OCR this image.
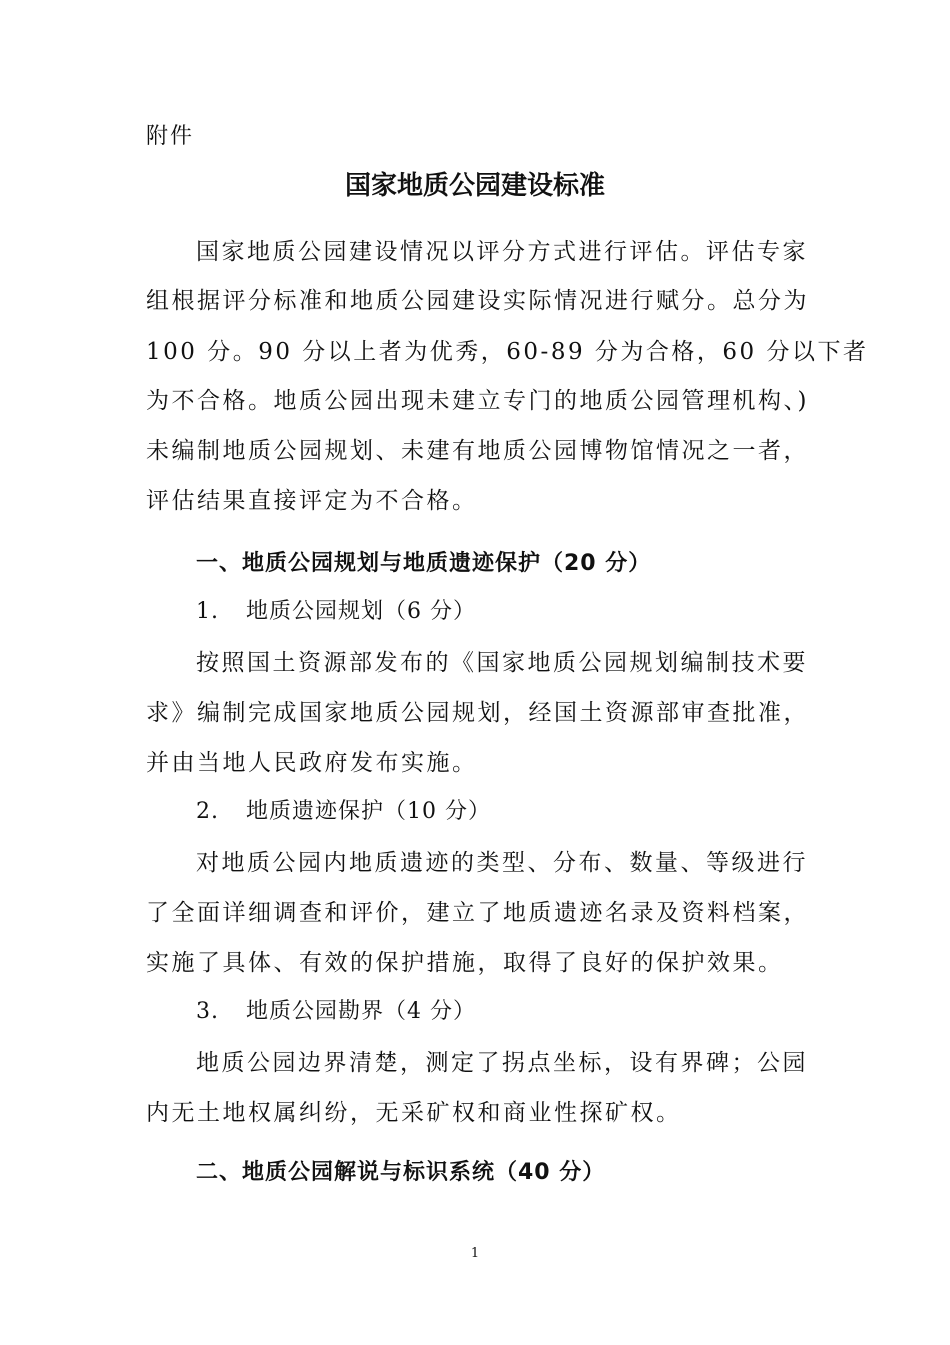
附件
国家地质公园建设标准
国家地质公园建设情况以评分方式进行评估。评估专家
组根据评分标准和地质公园建设实际情况进行赋分。总分为
100 分。90 分以上者为优秀，60-89 分为合格，60 分以下者
为不合格。地质公园出现未建立专门的地质公园管理机构、)
未编制地质公园规划、未建有地质公园博物馆情况之一者，
评估结果直接评定为不合格。
一、地质公园规划与地质遗迹保护（20 分）
1. 地质公园规划（6 分）
按照国土资源部发布的《国家地质公园规划编制技术要
求》编制完成国家地质公园规划，经国土资源部审查批准，
并由当地人民政府发布实施。
2. 地质遗迹保护（10 分）
对地质公园内地质遗迹的类型、分布、数量、等级进行
了全面详细调查和评价，建立了地质遗迹名录及资料档案，
实施了具体、有效的保护措施，取得了良好的保护效果。
3. 地质公园勘界（4 分）
地质公园边界清楚，测定了拐点坐标，设有界碑；公园
内无土地权属纠纷，无采矿权和商业性探矿权。
二、地质公园解说与标识系统（40 分）
1
